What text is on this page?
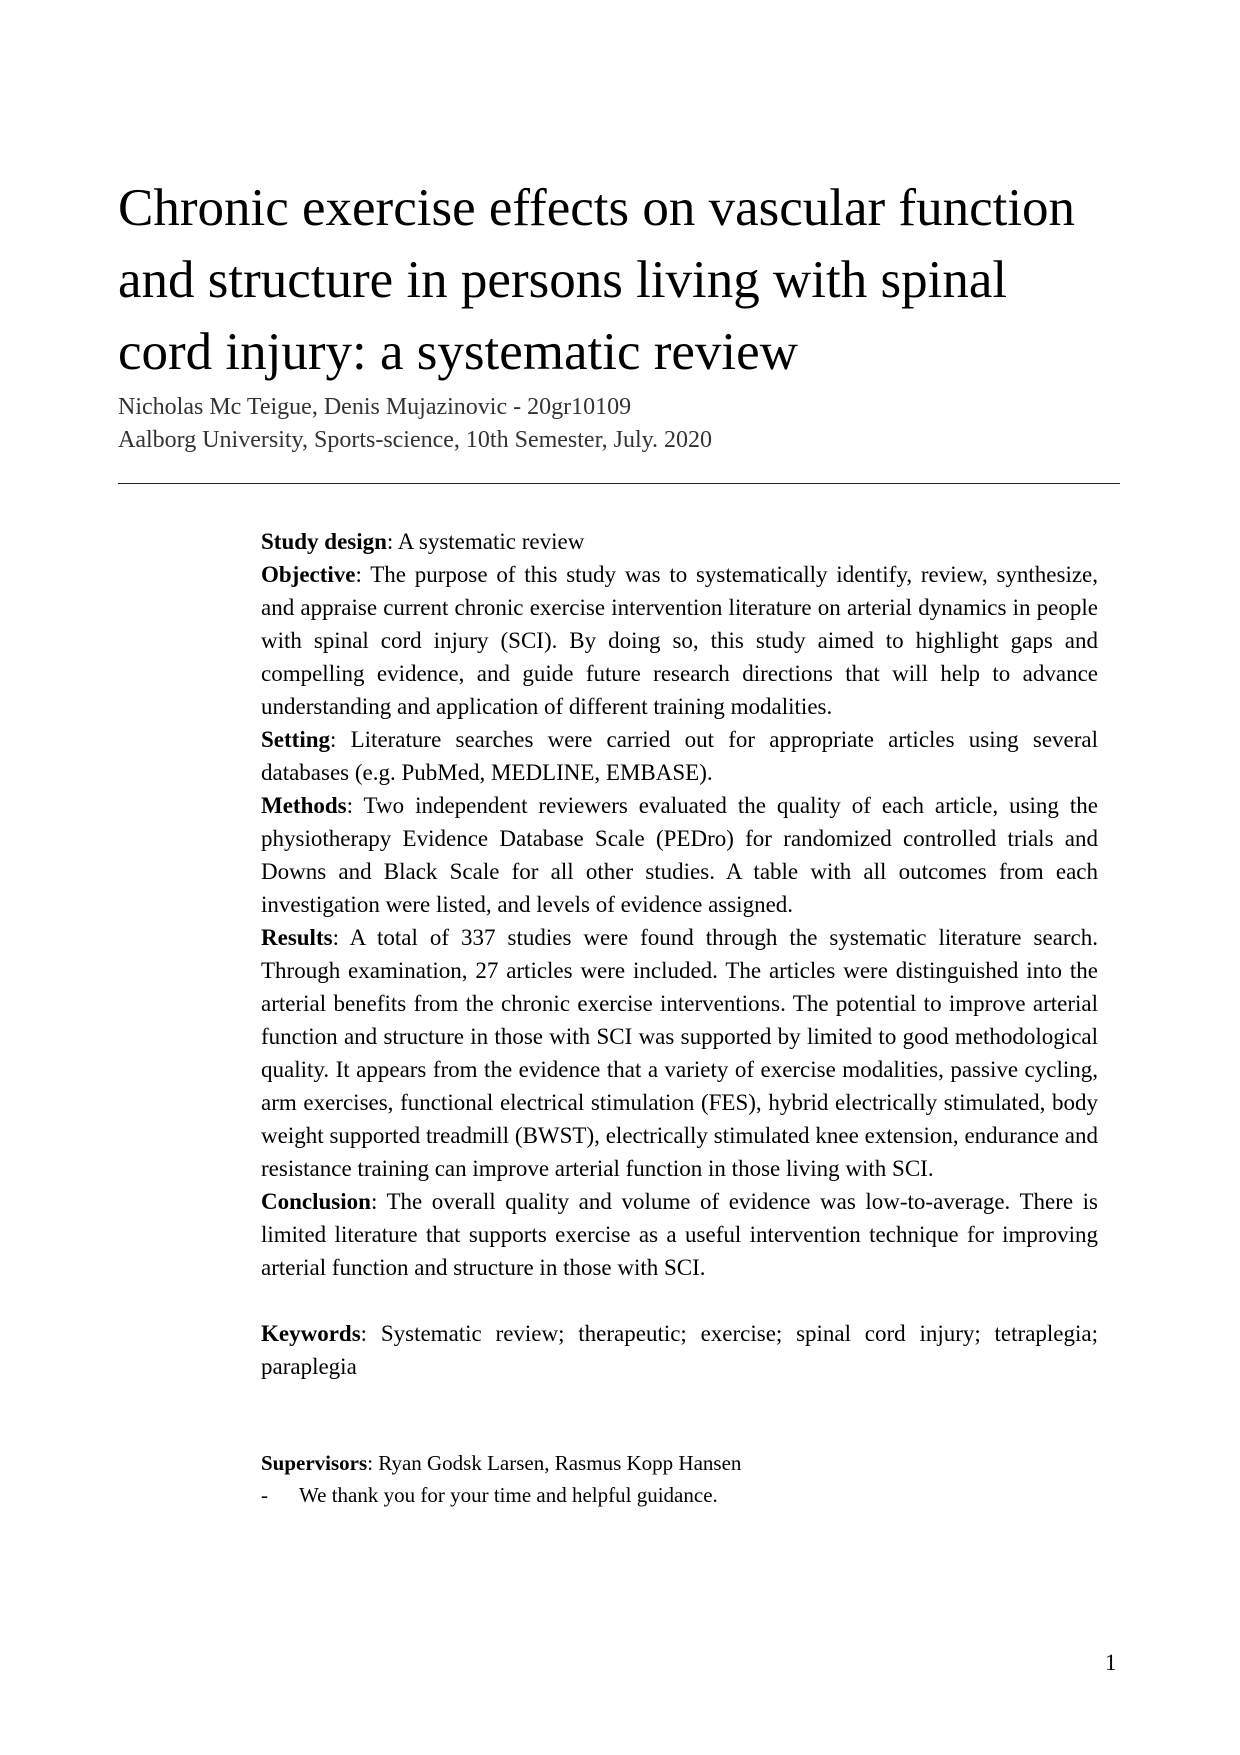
Chronic exercise effects on vascular function
and structure in persons living with spinal
cord injury: a systematic review
Nicholas Mc Teigue, Denis Mujazinovic - 20gr10109
Aalborg University, Sports-science, 10th Semester, July. 2020

Study design: A systematic review

Objective: The purpose of this study was to systematically identify, review, synthesize, and appraise current chronic exercise intervention literature on arterial dynamics in people with spinal cord injury (SCI). By doing so, this study aimed to highlight gaps and compelling evidence, and guide future research directions that will help to advance understanding and application of different training modalities.

Setting: Literature searches were carried out for appropriate articles using several databases (e.g. PubMed, MEDLINE, EMBASE).

Methods: Two independent reviewers evaluated the quality of each article, using the physiotherapy Evidence Database Scale (PEDro) for randomized controlled trials and Downs and Black Scale for all other studies. A table with all outcomes from each investigation were listed, and levels of evidence assigned.

Results: A total of 337 studies were found through the systematic literature search. Through examination, 27 articles were included. The articles were distinguished into the arterial benefits from the chronic exercise interventions. The potential to improve arterial function and structure in those with SCI was supported by limited to good methodological quality. It appears from the evidence that a variety of exercise modalities, passive cycling, arm exercises, functional electrical stimulation (FES), hybrid electrically stimulated, body weight supported treadmill (BWST), electrically stimulated knee extension, endurance and resistance training can improve arterial function in those living with SCI.

Conclusion: The overall quality and volume of evidence was low-to-average. There is limited literature that supports exercise as a useful intervention technique for improving arterial function and structure in those with SCI.

Keywords: Systematic review; therapeutic; exercise; spinal cord injury; tetraplegia; paraplegia

Supervisors: Ryan Godsk Larsen, Rasmus Kopp Hansen
- We thank you for your time and helpful guidance.
1
